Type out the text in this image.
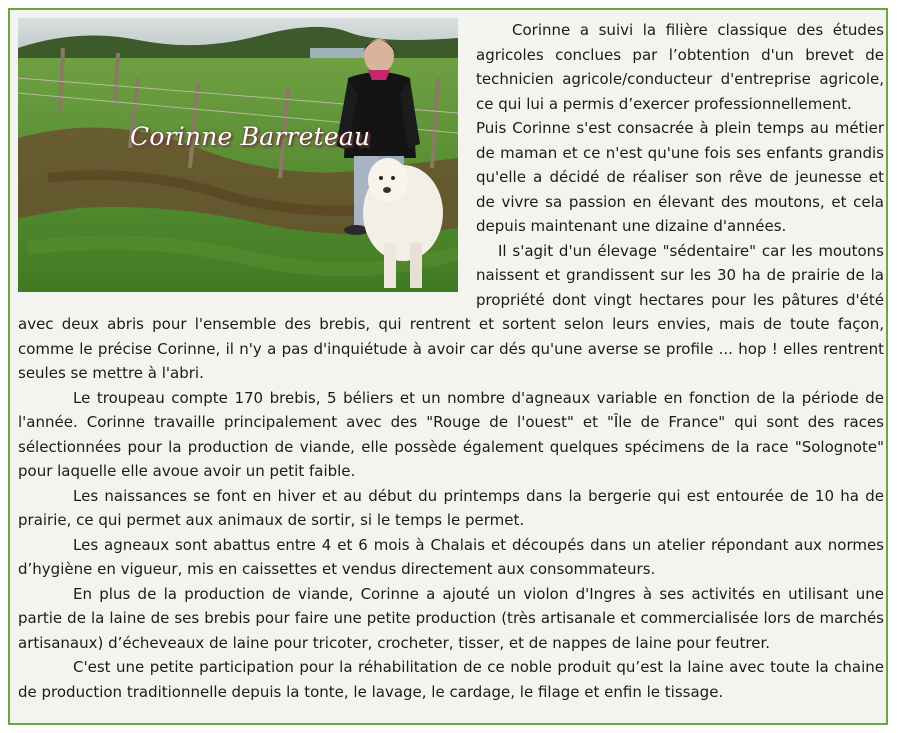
Corinne a suivi la filière classique des études agricoles conclues par l’obtention d'un brevet de technicien agricole/conducteur d'entreprise agricole, ce qui lui a permis d’exercer professionnellement.

Puis Corinne s'est consacrée à plein temps au métier de maman et ce n'est qu'une fois ses enfants grandis qu'elle a décidé de réaliser son rêve de jeunesse et de vivre sa passion en élevant des moutons, et cela depuis maintenant une dizaine d'années.

Il s'agit d'un élevage "sédentaire" car les moutons naissent et grandissent sur les 30 ha de prairie de la propriété dont vingt hectares pour les pâtures d'été avec deux abris pour l'ensemble des brebis, qui rentrent et sortent selon leurs envies, mais de toute façon, comme le précise Corinne, il n'y a pas d'inquiétude à avoir car dés qu'une averse se profile ... hop ! elles rentrent seules se mettre à l'abri.

Le troupeau compte 170 brebis, 5 béliers et un nombre d'agneaux variable en fonction de la période de l'année. Corinne travaille principalement avec des "Rouge de l'ouest" et "Île de France" qui sont des races sélectionnées pour la production de viande, elle possède également quelques spécimens de la race "Solognote" pour laquelle elle avoue avoir un petit faible.

Les naissances se font en hiver et au début du printemps dans la bergerie qui est entourée de 10 ha de prairie, ce qui permet aux animaux de sortir, si le temps le permet.

Les agneaux sont abattus entre 4 et 6 mois à Chalais et découpés dans un atelier répondant aux normes d’hygiène en vigueur, mis en caissettes et vendus directement aux consommateurs.

En plus de la production de viande, Corinne a ajouté un violon d'Ingres à ses activités en utilisant une partie de la laine de ses brebis pour faire une petite production (très artisanale et commercialisée lors de marchés artisanaux) d’écheveaux de laine pour tricoter, crocheter, tisser, et de nappes de laine pour feutrer.

C'est une petite participation pour la réhabilitation de ce noble produit qu’est la laine avec toute la chaine de production traditionnelle depuis la tonte, le lavage, le cardage, le filage et enfin le tissage.

Corinne Barreteau
